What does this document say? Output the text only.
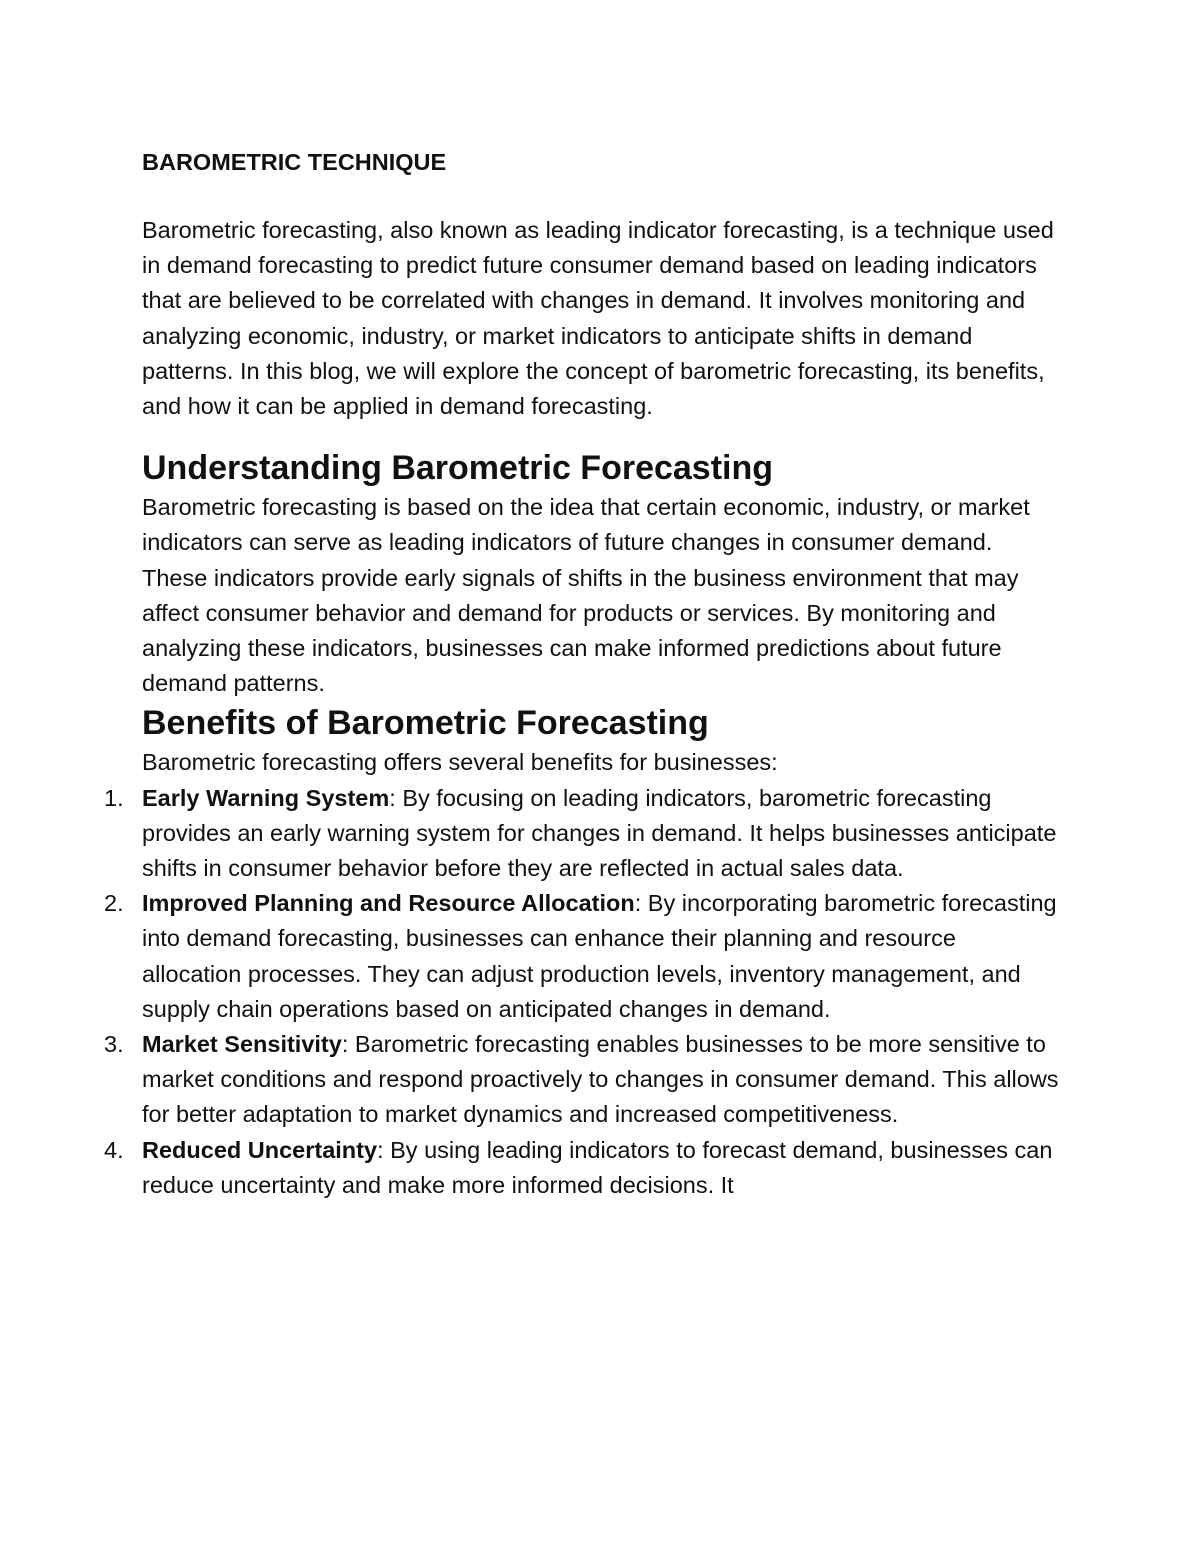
BAROMETRIC TECHNIQUE

Barometric forecasting, also known as leading indicator forecasting, is a technique used in demand forecasting to predict future consumer demand based on leading indicators that are believed to be correlated with changes in demand. It involves monitoring and analyzing economic, industry, or market indicators to anticipate shifts in demand patterns. In this blog, we will explore the concept of barometric forecasting, its benefits, and how it can be applied in demand forecasting.

Understanding Barometric Forecasting

Barometric forecasting is based on the idea that certain economic, industry, or market indicators can serve as leading indicators of future changes in consumer demand. These indicators provide early signals of shifts in the business environment that may affect consumer behavior and demand for products or services. By monitoring and analyzing these indicators, businesses can make informed predictions about future demand patterns.

Benefits of Barometric Forecasting

Barometric forecasting offers several benefits for businesses:

1. Early Warning System: By focusing on leading indicators, barometric forecasting provides an early warning system for changes in demand. It helps businesses anticipate shifts in consumer behavior before they are reflected in actual sales data.
2. Improved Planning and Resource Allocation: By incorporating barometric forecasting into demand forecasting, businesses can enhance their planning and resource allocation processes. They can adjust production levels, inventory management, and supply chain operations based on anticipated changes in demand.
3. Market Sensitivity: Barometric forecasting enables businesses to be more sensitive to market conditions and respond proactively to changes in consumer demand. This allows for better adaptation to market dynamics and increased competitiveness.
4. Reduced Uncertainty: By using leading indicators to forecast demand, businesses can reduce uncertainty and make more informed decisions. It
